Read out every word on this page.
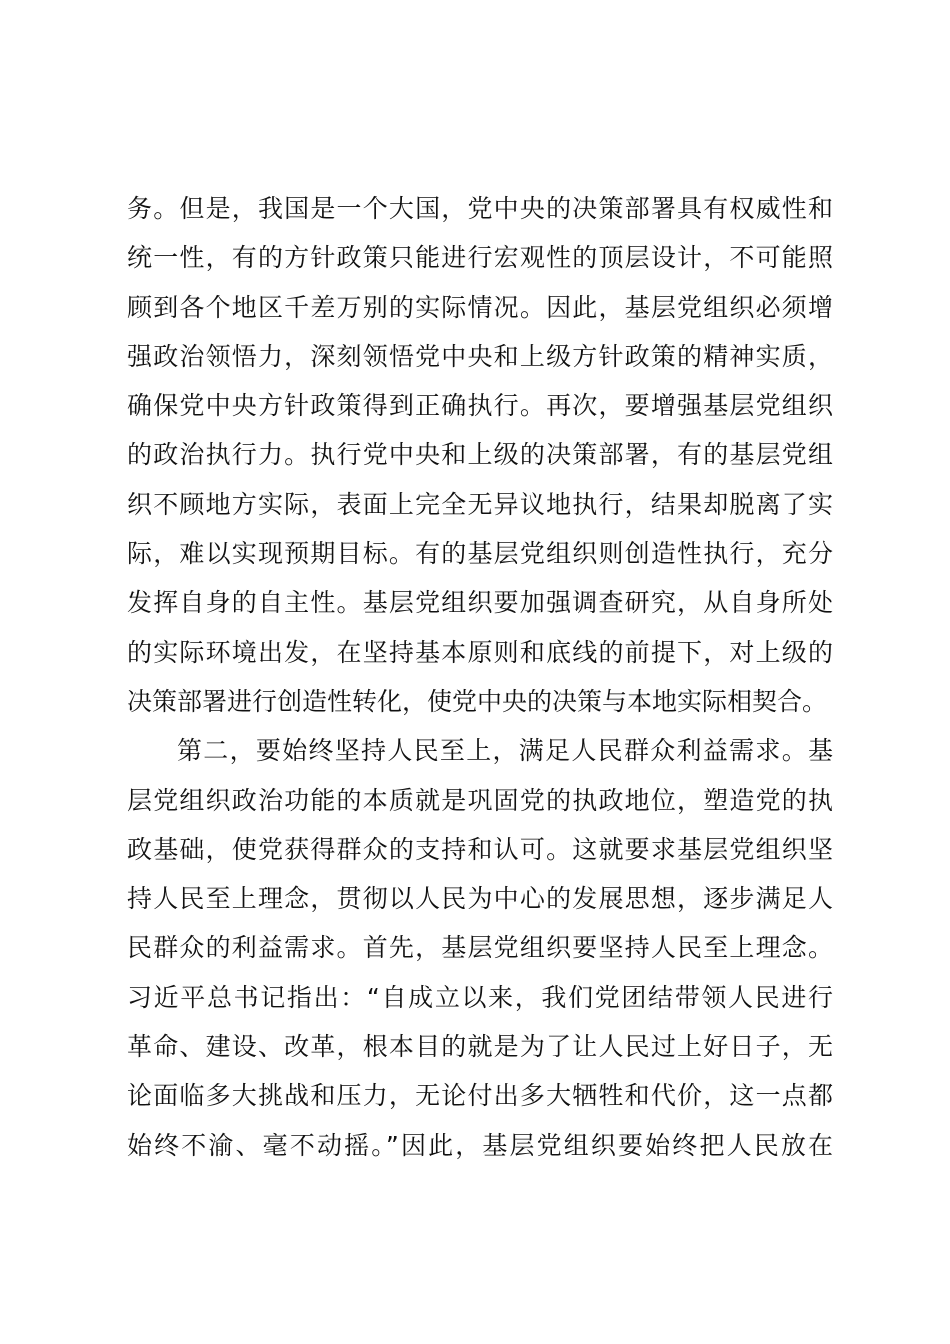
务。但是，我国是一个大国，党中央的决策部署具有权威性和
统一性，有的方针政策只能进行宏观性的顶层设计，不可能照
顾到各个地区千差万别的实际情况。因此，基层党组织必须增
强政治领悟力，深刻领悟党中央和上级方针政策的精神实质，
确保党中央方针政策得到正确执行。再次，要增强基层党组织
的政治执行力。执行党中央和上级的决策部署，有的基层党组
织不顾地方实际，表面上完全无异议地执行，结果却脱离了实
际，难以实现预期目标。有的基层党组织则创造性执行，充分
发挥自身的自主性。基层党组织要加强调查研究，从自身所处
的实际环境出发，在坚持基本原则和底线的前提下，对上级的
决策部署进行创造性转化，使党中央的决策与本地实际相契合。
第二，要始终坚持人民至上，满足人民群众利益需求。基
层党组织政治功能的本质就是巩固党的执政地位，塑造党的执
政基础，使党获得群众的支持和认可。这就要求基层党组织坚
持人民至上理念，贯彻以人民为中心的发展思想，逐步满足人
民群众的利益需求。首先，基层党组织要坚持人民至上理念。
习近平总书记指出：“自成立以来，我们党团结带领人民进行
革命、建设、改革，根本目的就是为了让人民过上好日子，无
论面临多大挑战和压力，无论付出多大牺牲和代价，这一点都
始终不渝、毫不动摇。”因此，基层党组织要始终把人民放在
